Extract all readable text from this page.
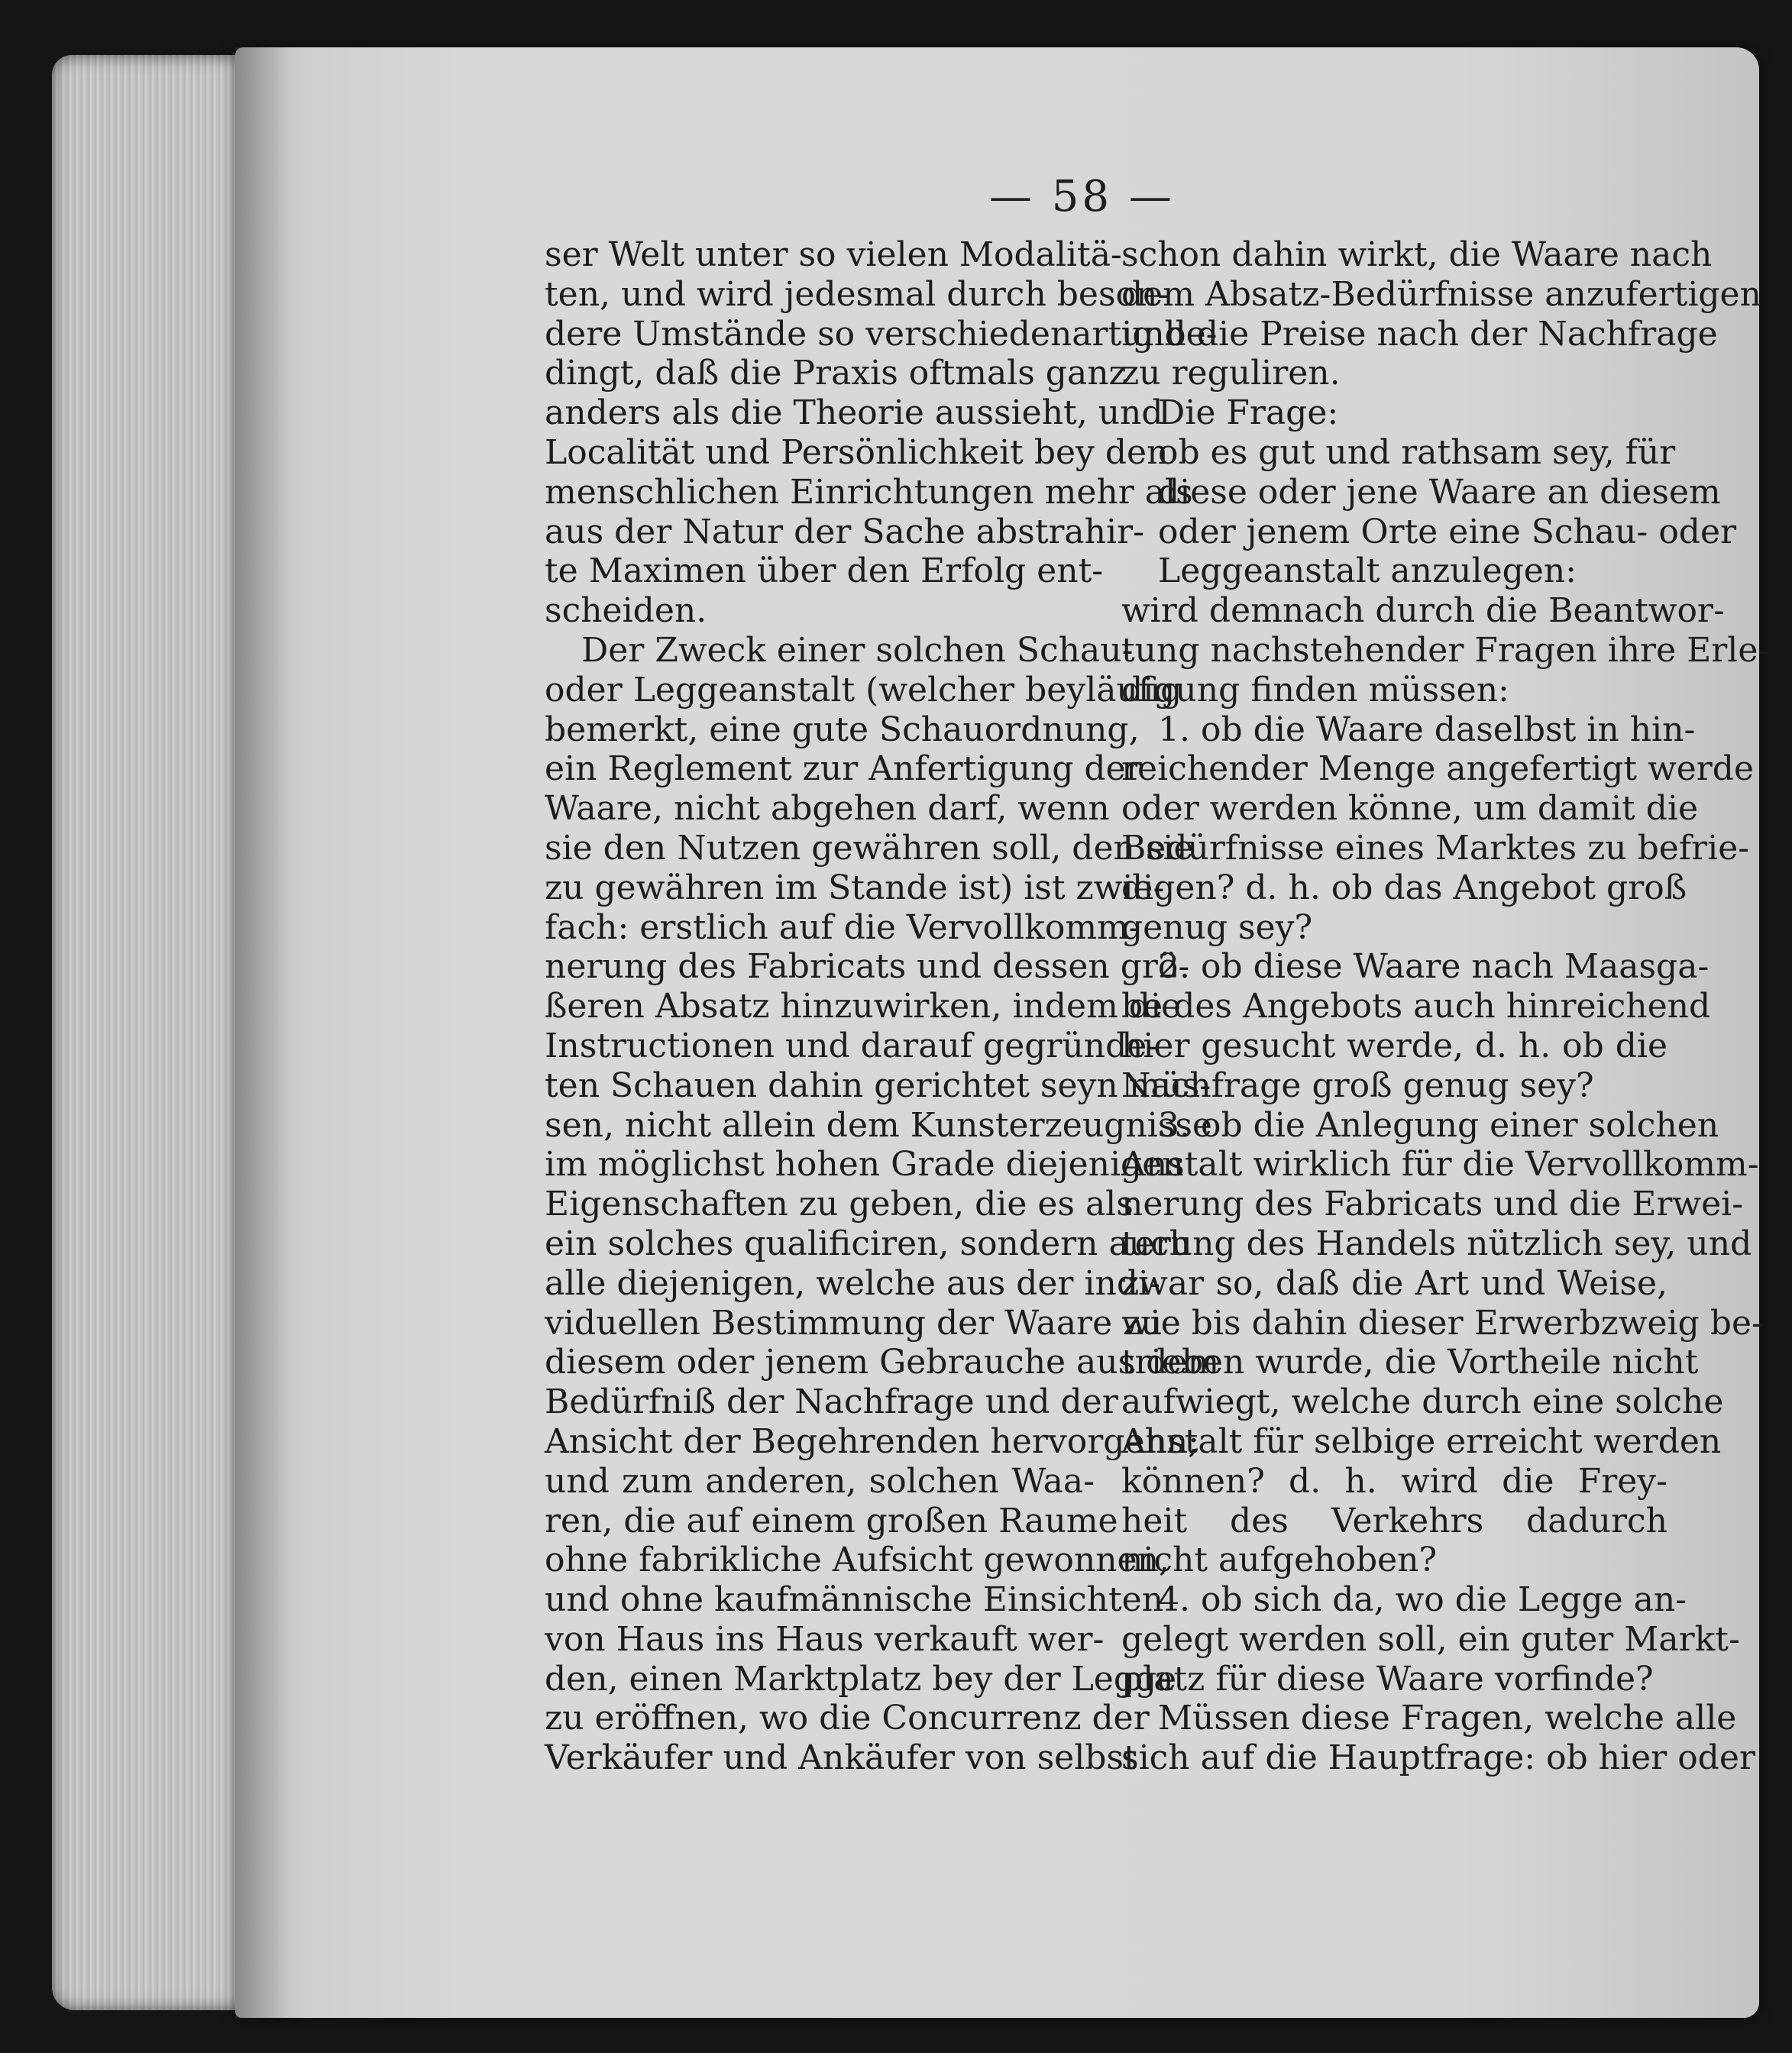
— 58 —
ser Welt unter so vielen Modalitä-
ten, und wird jedesmal durch beson-
dere Umstände so verschiedenartig be-
dingt, daß die Praxis oftmals ganz
anders als die Theorie aussieht, und
Localität und Persönlichkeit bey den
menschlichen Einrichtungen mehr als
aus der Natur der Sache abstrahir-
te Maximen über den Erfolg ent-
scheiden.
Der Zweck einer solchen Schau-
oder Leggeanstalt (welcher beyläufig
bemerkt, eine gute Schauordnung,
ein Reglement zur Anfertigung der
Waare, nicht abgehen darf, wenn
sie den Nutzen gewähren soll, den sie
zu gewähren im Stande ist) ist zwie-
fach: erstlich auf die Vervollkomm-
nerung des Fabricats und dessen grö-
ßeren Absatz hinzuwirken, indem die
Instructionen und darauf gegründe-
ten Schauen dahin gerichtet seyn müs-
sen, nicht allein dem Kunsterzeugnisse
im möglichst hohen Grade diejenigen
Eigenschaften zu geben, die es als
ein solches qualificiren, sondern auch
alle diejenigen, welche aus der indi-
viduellen Bestimmung der Waare zu
diesem oder jenem Gebrauche aus dem
Bedürfniß der Nachfrage und der
Ansicht der Begehrenden hervorgehn;
und zum anderen, solchen Waa-
ren, die auf einem großen Raume
ohne fabrikliche Aufsicht gewonnen,
und ohne kaufmännische Einsichten
von Haus ins Haus verkauft wer-
den, einen Marktplatz bey der Legge
zu eröffnen, wo die Concurrenz der
Verkäufer und Ankäufer von selbst
schon dahin wirkt, die Waare nach
dem Absatz-Bedürfnisse anzufertigen
und die Preise nach der Nachfrage
zu reguliren.
Die Frage:
ob es gut und rathsam sey, für
diese oder jene Waare an diesem
oder jenem Orte eine Schau- oder
Leggeanstalt anzulegen:
wird demnach durch die Beantwor-
tung nachstehender Fragen ihre Erle-
digung finden müssen:
1. ob die Waare daselbst in hin-
reichender Menge angefertigt werde
oder werden könne, um damit die
Bedürfnisse eines Marktes zu befrie-
digen? d. h. ob das Angebot groß
genug sey?
2. ob diese Waare nach Maasga-
be des Angebots auch hinreichend
hier gesucht werde, d. h. ob die
Nachfrage groß genug sey?
3. ob die Anlegung einer solchen
Anstalt wirklich für die Vervollkomm-
nerung des Fabricats und die Erwei-
terung des Handels nützlich sey, und
zwar so, daß die Art und Weise,
wie bis dahin dieser Erwerbzweig be-
trieben wurde, die Vortheile nicht
aufwiegt, welche durch eine solche
Anstalt für selbige erreicht werden
können? d. h. wird die Frey-
heit des Verkehrs dadurch
nicht aufgehoben?
4. ob sich da, wo die Legge an-
gelegt werden soll, ein guter Markt-
platz für diese Waare vorfinde?
Müssen diese Fragen, welche alle
sich auf die Hauptfrage: ob hier oder
